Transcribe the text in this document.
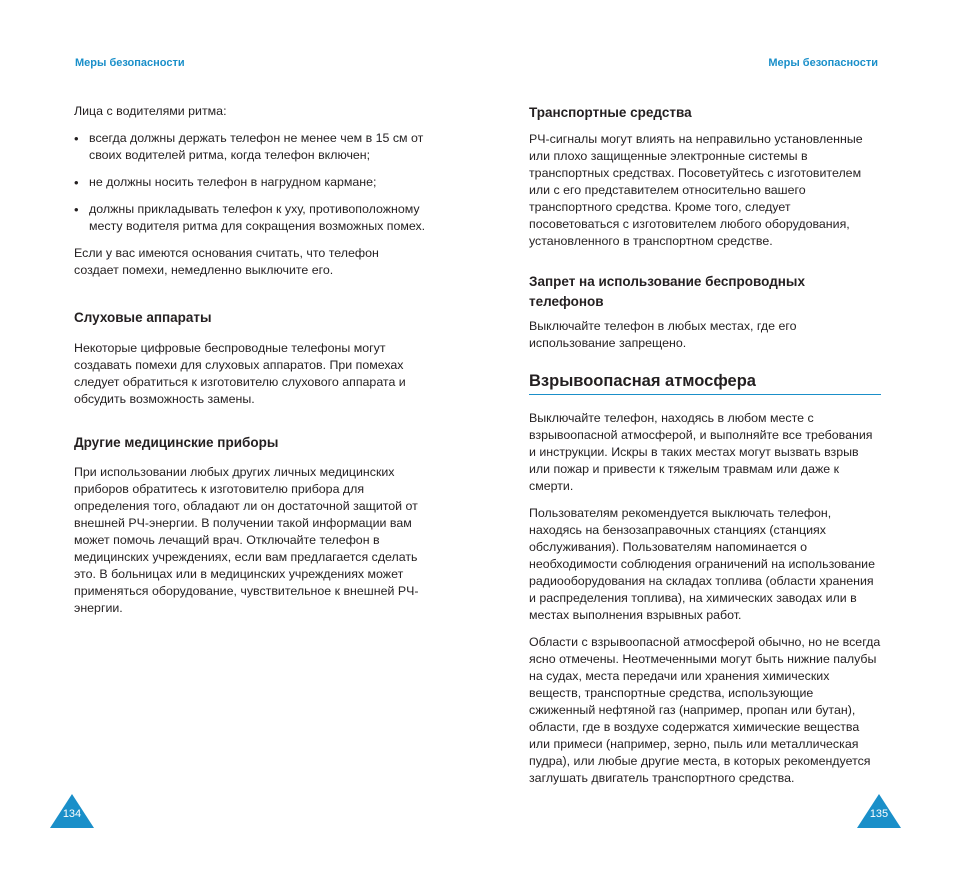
Меры безопасности

Лица с водителями ритма:

• всегда должны держать телефон не менее чем в 15 см от своих водителей ритма, когда телефон включен;
• не должны носить телефон в нагрудном кармане;
• должны прикладывать телефон к уху, противоположному месту водителя ритма для сокращения возможных помех.

Если у вас имеются основания считать, что телефон создает помехи, немедленно выключите его.

Слуховые аппараты

Некоторые цифровые беспроводные телефоны могут создавать помехи для слуховых аппаратов. При помехах следует обратиться к изготовителю слухового аппарата и обсудить возможность замены.

Другие медицинские приборы

При использовании любых других личных медицинских приборов обратитесь к изготовителю прибора для определения того, обладают ли он достаточной защитой от внешней РЧ-энергии. В получении такой информации вам может помочь лечащий врач. Отключайте телефон в медицинских учреждениях, если вам предлагается сделать это. В больницах или в медицинских учреждениях может применяться оборудование, чувствительное к внешней РЧ-энергии.

134
Меры безопасности
Транспортные средства

РЧ-сигналы могут влиять на неправильно установленные или плохо защищенные электронные системы в транспортных средствах. Посоветуйтесь с изготовителем или с его представителем относительно вашего транспортного средства. Кроме того, следует посоветоваться с изготовителем любого оборудования, установленного в транспортном средстве.

Запрет на использование беспроводных телефонов

Выключайте телефон в любых местах, где его использование запрещено.

Взрывоопасная атмосфера

Выключайте телефон, находясь в любом месте с взрывоопасной атмосферой, и выполняйте все требования и инструкции. Искры в таких местах могут вызвать взрыв или пожар и привести к тяжелым травмам или даже к смерти.

Пользователям рекомендуется выключать телефон, находясь на бензозаправочных станциях (станциях обслуживания). Пользователям напоминается о необходимости соблюдения ограничений на использование радиооборудования на складах топлива (области хранения и распределения топлива), на химических заводах или в местах выполнения взрывных работ.

Области с взрывоопасной атмосферой обычно, но не всегда ясно отмечены. Неотмеченными могут быть нижние палубы на судах, места передачи или хранения химических веществ, транспортные средства, использующие сжиженный нефтяной газ (например, пропан или бутан), области, где в воздухе содержатся химические вещества или примеси (например, зерно, пыль или металлическая пудра), или любые другие места, в которых рекомендуется заглушать двигатель транспортного средства.

135
